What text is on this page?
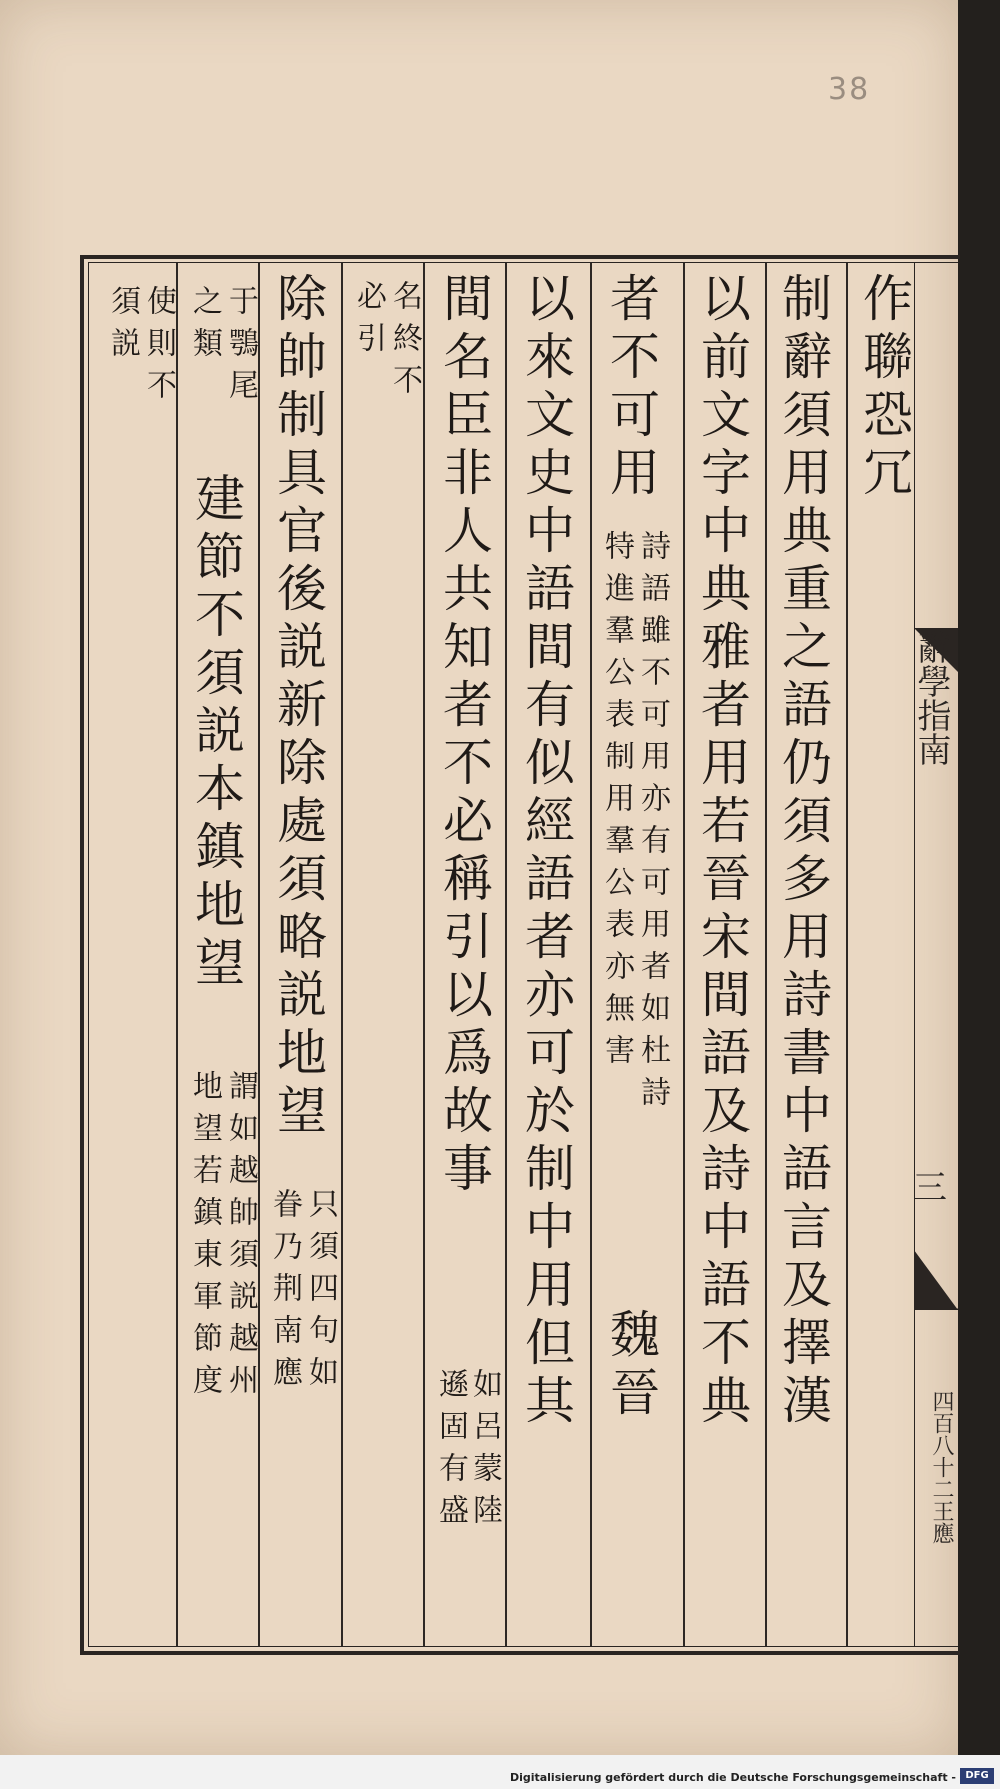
38
作聯恐冗
制辭須用典重之語仍須多用詩書中語言及擇漢
以前文字中典雅者用若晉宋間語及詩中語不典
者不可用
詩語雖不可用亦有可用者如杜詩
魏晉
特進羣公表制用羣公表亦無害
以來文史中語間有似經語者亦可於制中用但其
間名臣非人共知者不必稱引以爲故事
如呂蒙陸
遜固有盛
名終不
必引
除帥制具官後説新除處須略説地望
只須四句如
眷乃荆南應
于鶚尾
之類
建節不須説本鎮地望
謂如越帥須説越州
地望若鎮東軍節度
使則不
須説
辭學指南
三
四百八十二王應
Digitalisierung gefördert durch die Deutsche Forschungsgemeinschaft - DFG
